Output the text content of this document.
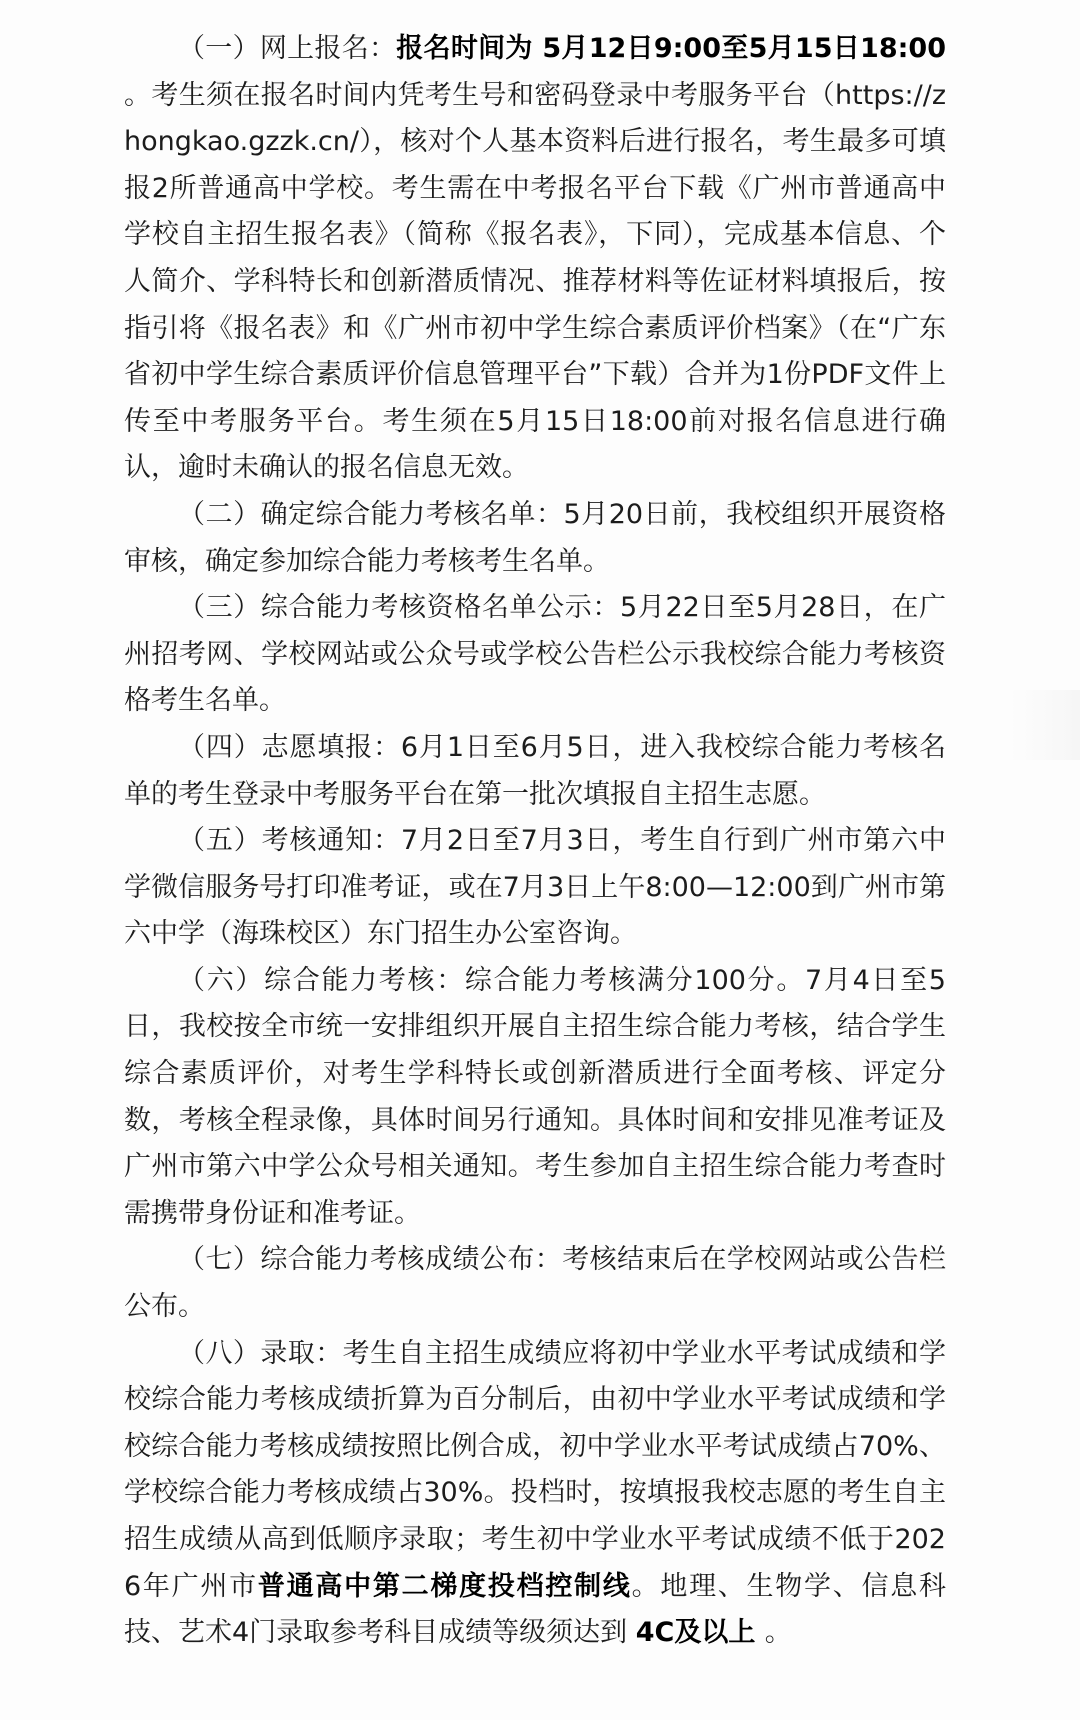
（一）网上报名：报名时间为 5月12日9:00至5月15日18:00 。考生须在报名时间内凭考生号和密码登录中考服务平台（https://zhongkao.gzzk.cn/），核对个人基本资料后进行报名，考生最多可填报2所普通高中学校。考生需在中考报名平台下载《广州市普通高中学校自主招生报名表》（简称《报名表》，下同），完成基本信息、个人简介、学科特长和创新潜质情况、推荐材料等佐证材料填报后，按指引将《报名表》和《广州市初中学生综合素质评价档案》（在“广东省初中学生综合素质评价信息管理平台”下载）合并为1份PDF文件上传至中考服务平台。考生须在5月15日18:00前对报名信息进行确认，逾时未确认的报名信息无效。

（二）确定综合能力考核名单：5月20日前，我校组织开展资格审核，确定参加综合能力考核考生名单。

（三）综合能力考核资格名单公示：5月22日至5月28日，在广州招考网、学校网站或公众号或学校公告栏公示我校综合能力考核资格考生名单。

（四）志愿填报：6月1日至6月5日，进入我校综合能力考核名单的考生登录中考服务平台在第一批次填报自主招生志愿。

（五）考核通知：7月2日至7月3日，考生自行到广州市第六中学微信服务号打印准考证，或在7月3日上午8:00—12:00到广州市第六中学（海珠校区）东门招生办公室咨询。

（六）综合能力考核：综合能力考核满分100分。7月4日至5日，我校按全市统一安排组织开展自主招生综合能力考核，结合学生综合素质评价，对考生学科特长或创新潜质进行全面考核、评定分数，考核全程录像，具体时间另行通知。具体时间和安排见准考证及广州市第六中学公众号相关通知。考生参加自主招生综合能力考查时需携带身份证和准考证。

（七）综合能力考核成绩公布：考核结束后在学校网站或公告栏公布。

（八）录取：考生自主招生成绩应将初中学业水平考试成绩和学校综合能力考核成绩折算为百分制后，由初中学业水平考试成绩和学校综合能力考核成绩按照比例合成，初中学业水平考试成绩占70%、学校综合能力考核成绩占30%。投档时，按填报我校志愿的考生自主招生成绩从高到低顺序录取；考生初中学业水平考试成绩不低于2026年广州市普通高中第二梯度投档控制线。地理、生物学、信息科技、艺术4门录取参考科目成绩等级须达到 4C及以上 。
